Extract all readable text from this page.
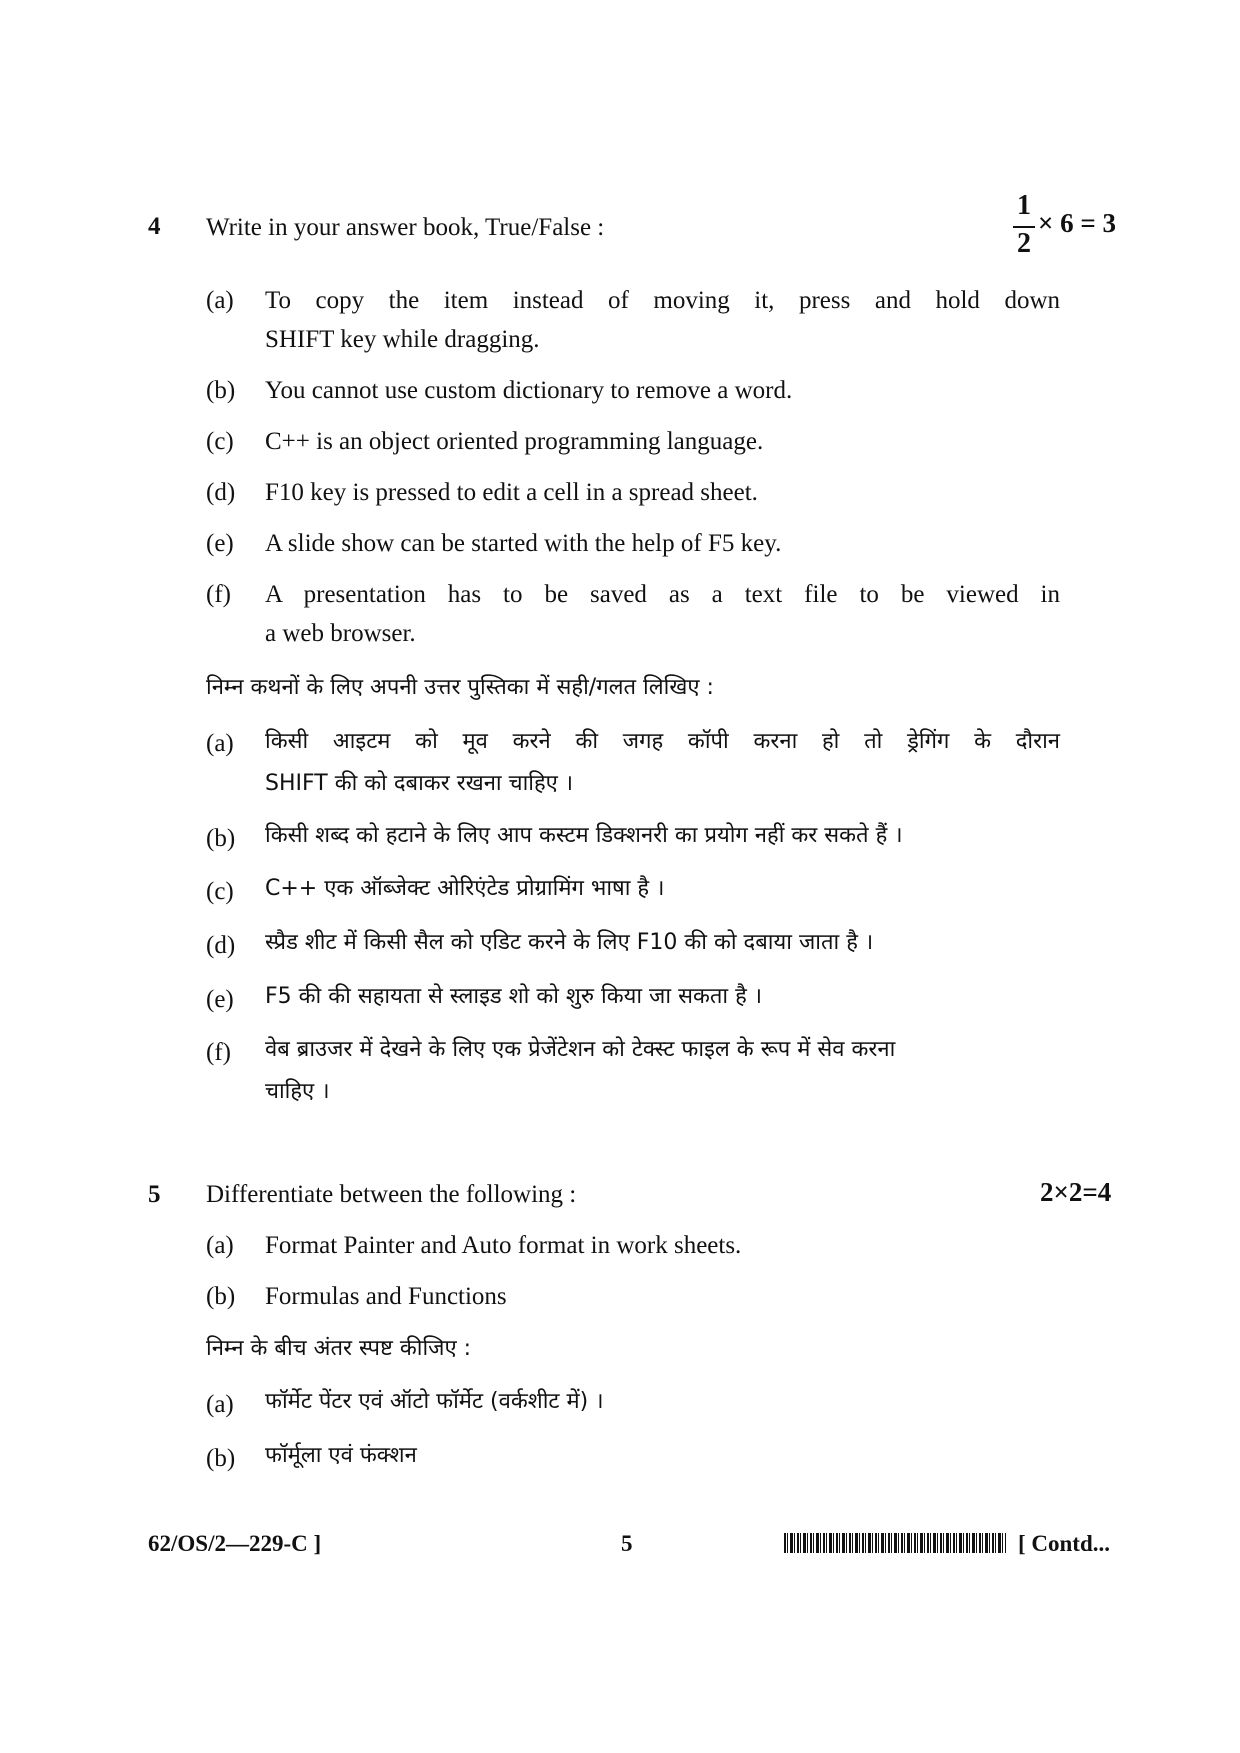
4 Write in your answer book, True/False :
1
2
× 6 = 3
(a) To copy the item instead of moving it, press and hold down
SHIFT key while dragging.
(b) You cannot use custom dictionary to remove a word.
(c) C++ is an object oriented programming language.
(d) F10 key is pressed to edit a cell in a spread sheet.
(e) A slide show can be started with the help of F5 key.
(f) A presentation has to be saved as a text file to be viewed in
a web browser.
निम्न कथनों के लिए अपनी उत्तर पुस्तिका में सही/गलत लिखिए :
(a) किसी आइटम को मूव करने की जगह कॉपी करना हो तो ड्रेगिंग के दौरान
SHIFT की को दबाकर रखना चाहिए ।
(b) किसी शब्द को हटाने के लिए आप कस्टम डिक्शनरी का प्रयोग नहीं कर सकते हैं ।
(c) C++ एक ऑब्जेक्ट ओरिएंटेड प्रोग्रामिंग भाषा है ।
(d) स्प्रैड शीट में किसी सैल को एडिट करने के लिए F10 की को दबाया जाता है ।
(e) F5 की की सहायता से स्लाइड शो को शुरु किया जा सकता है ।
(f) वेब ब्राउजर में देखने के लिए एक प्रेजेंटेशन को टेक्स्ट फाइल के रूप में सेव करना
चाहिए ।
5 Differentiate between the following :	2×2=4
(a) Format Painter and Auto format in work sheets.
(b) Formulas and Functions
निम्न के बीच अंतर स्पष्ट कीजिए :
(a) फॉर्मेट पेंटर एवं ऑटो फॉर्मेट (वर्कशीट में) ।
(b) फॉर्मूला एवं फंक्शन
62/OS/2—229-C ]	5	[ Contd...
